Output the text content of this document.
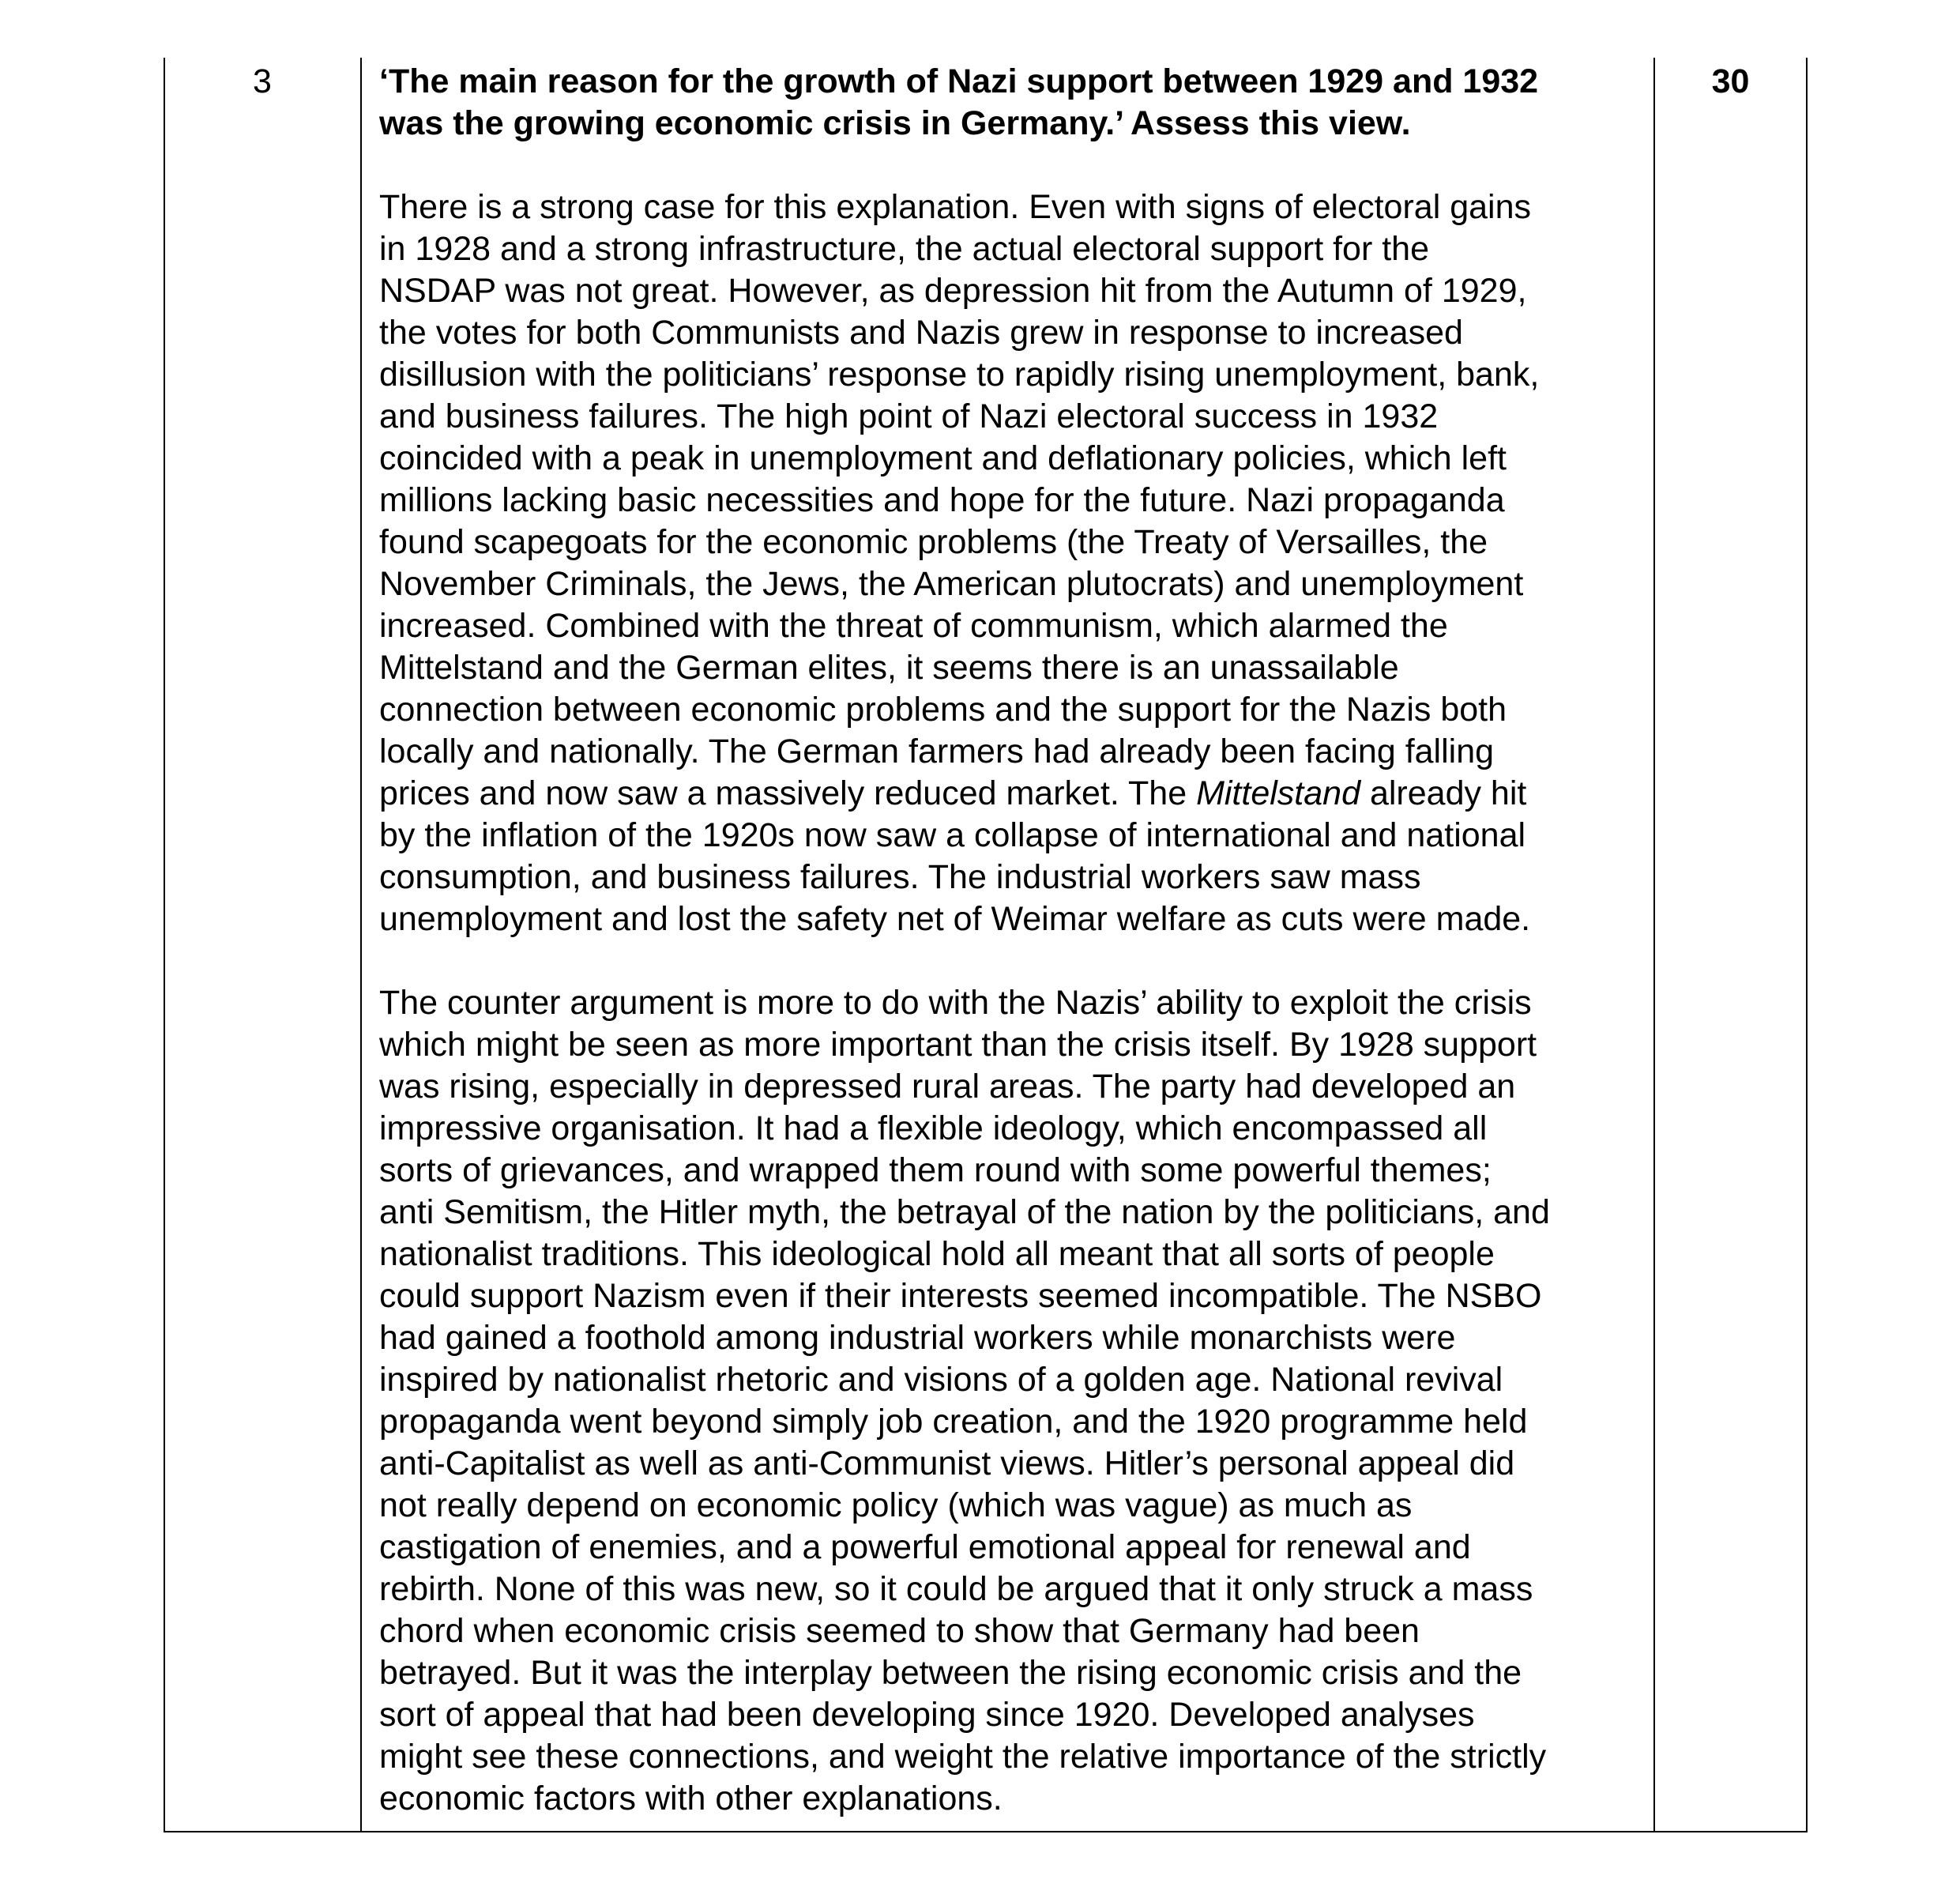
3	30

‘The main reason for the growth of Nazi support between 1929 and 1932

was the growing economic crisis in Germany.’ Assess this view.

There is a strong case for this explanation. Even with signs of electoral gains

in 1928 and a strong infrastructure, the actual electoral support for the

NSDAP was not great. However, as depression hit from the Autumn of 1929,

the votes for both Communists and Nazis grew in response to increased

disillusion with the politicians’ response to rapidly rising unemployment, bank,

and business failures. The high point of Nazi electoral success in 1932

coincided with a peak in unemployment and deflationary policies, which left

millions lacking basic necessities and hope for the future. Nazi propaganda

found scapegoats for the economic problems (the Treaty of Versailles, the

November Criminals, the Jews, the American plutocrats) and unemployment

increased. Combined with the threat of communism, which alarmed the

Mittelstand and the German elites, it seems there is an unassailable

connection between economic problems and the support for the Nazis both

locally and nationally. The German farmers had already been facing falling

prices and now saw a massively reduced market. The Mittelstand already hit

by the inflation of the 1920s now saw a collapse of international and national

consumption, and business failures. The industrial workers saw mass

unemployment and lost the safety net of Weimar welfare as cuts were made.

The counter argument is more to do with the Nazis’ ability to exploit the crisis

which might be seen as more important than the crisis itself. By 1928 support

was rising, especially in depressed rural areas. The party had developed an

impressive organisation. It had a flexible ideology, which encompassed all

sorts of grievances, and wrapped them round with some powerful themes;

anti Semitism, the Hitler myth, the betrayal of the nation by the politicians, and

nationalist traditions. This ideological hold all meant that all sorts of people

could support Nazism even if their interests seemed incompatible. The NSBO

had gained a foothold among industrial workers while monarchists were

inspired by nationalist rhetoric and visions of a golden age. National revival

propaganda went beyond simply job creation, and the 1920 programme held

anti-Capitalist as well as anti-Communist views. Hitler’s personal appeal did

not really depend on economic policy (which was vague) as much as

castigation of enemies, and a powerful emotional appeal for renewal and

rebirth. None of this was new, so it could be argued that it only struck a mass

chord when economic crisis seemed to show that Germany had been

betrayed. But it was the interplay between the rising economic crisis and the

sort of appeal that had been developing since 1920. Developed analyses

might see these connections, and weight the relative importance of the strictly

economic factors with other explanations.
